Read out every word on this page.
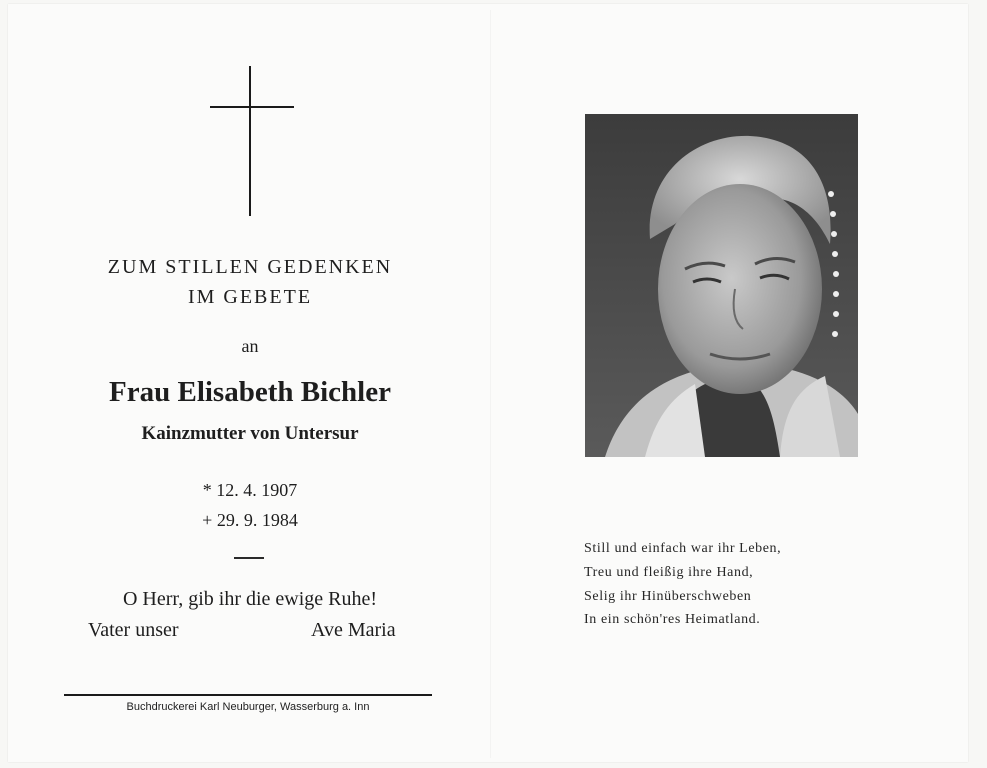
ZUM STILLEN GEDENKEN
IM GEBETE
an
Frau Elisabeth Bichler
Kainzmutter von Untersur
* 12. 4. 1907
+ 29. 9. 1984
O Herr, gib ihr die ewige Ruhe!
Vater unser	Ave Maria
Buchdruckerei Karl Neuburger, Wasserburg a. Inn
Still und einfach war ihr Leben,
Treu und fleißig ihre Hand,
Selig ihr Hinüberschweben
In ein schön'res Heimatland.
